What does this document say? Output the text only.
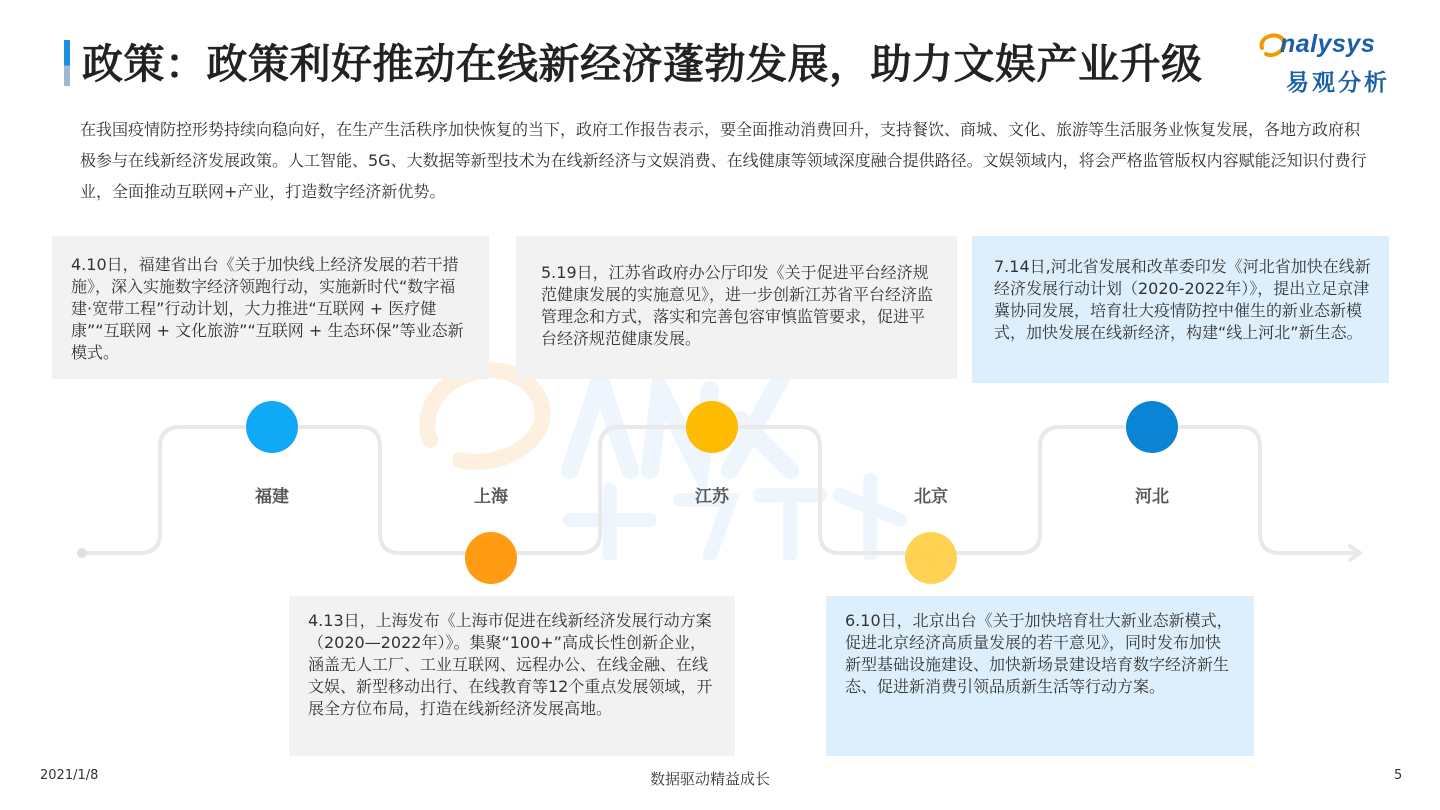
政策：政策利好推动在线新经济蓬勃发展，助力文娱产业升级	nalysys
易观分析

在我国疫情防控形势持续向稳向好，在生产生活秩序加快恢复的当下，政府工作报告表示，要全面推动消费回升，支持餐饮、商城、文化、旅游等生活服务业恢复发展，各地方政府积极参与在线新经济发展政策。人工智能、5G、大数据等新型技术为在线新经济与文娱消费、在线健康等领域深度融合提供路径。文娱领域内，将会严格监管版权内容赋能泛知识付费行业，全面推动互联网+产业，打造数字经济新优势。

4.10日，福建省出台《关于加快线上经济发展的若干措施》，深入实施数字经济领跑行动，实施新时代“数字福建·宽带工程”行动计划，大力推进“互联网 + 医疗健康”“互联网 + 文化旅游”“互联网 + 生态环保”等业态新模式。

5.19日，江苏省政府办公厅印发《关于促进平台经济规范健康发展的实施意见》，进一步创新江苏省平台经济监管理念和方式，落实和完善包容审慎监管要求，促进平台经济规范健康发展。

7.14日,河北省发展和改革委印发《河北省加快在线新经济发展行动计划（2020-2022年）》，提出立足京津冀协同发展，培育壮大疫情防控中催生的新业态新模式，加快发展在线新经济，构建“线上河北”新生态。

4.13日，上海发布《上海市促进在线新经济发展行动方案（2020—2022年）》。集聚“100+”高成长性创新企业，涵盖无人工厂、工业互联网、远程办公、在线金融、在线文娱、新型移动出行、在线教育等12个重点发展领域，开展全方位布局，打造在线新经济发展高地。

6.10日，北京出台《关于加快培育壮大新业态新模式，促进北京经济高质量发展的若干意见》，同时发布加快新型基础设施建设、加快新场景建设培育数字经济新生态、促进新消费引领品质新生活等行动方案。

福建	上海	江苏	北京	河北
2021/1/8	数据驱动精益成长	5
